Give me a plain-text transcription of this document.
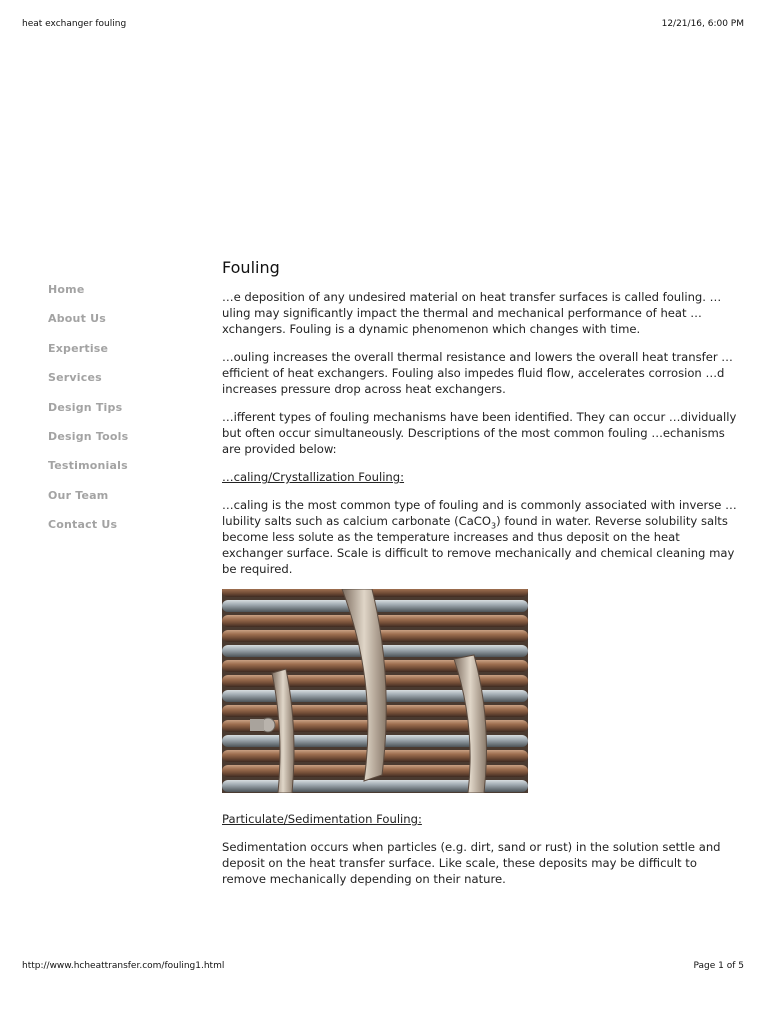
heat exchanger fouling	12/21/16, 6:00 PM
Home
About Us
Expertise
Services
Design Tips
Design Tools
Testimonials
Our Team
Contact Us
Fouling

…e deposition of any undesired material on heat transfer surfaces is called fouling. …uling may significantly impact the thermal and mechanical performance of heat …xchangers. Fouling is a dynamic phenomenon which changes with time.

…ouling increases the overall thermal resistance and lowers the overall heat transfer …efficient of heat exchangers. Fouling also impedes fluid flow, accelerates corrosion …d increases pressure drop across heat exchangers.

…ifferent types of fouling mechanisms have been identified. They can occur …dividually but often occur simultaneously. Descriptions of the most common fouling …echanisms are provided below:

…caling/Crystallization Fouling:

…caling is the most common type of fouling and is commonly associated with inverse …lubility salts such as calcium carbonate (CaCO$_3$) found in water. Reverse solubility salts become less solute as the temperature increases and thus deposit on the heat exchanger surface. Scale is difficult to remove mechanically and chemical cleaning may be required.

Particulate/Sedimentation Fouling:

Sedimentation occurs when particles (e.g. dirt, sand or rust) in the solution settle and deposit on the heat transfer surface. Like scale, these deposits may be difficult to remove mechanically depending on their nature.

http://www.hcheattransfer.com/fouling1.html	Page 1 of 5
